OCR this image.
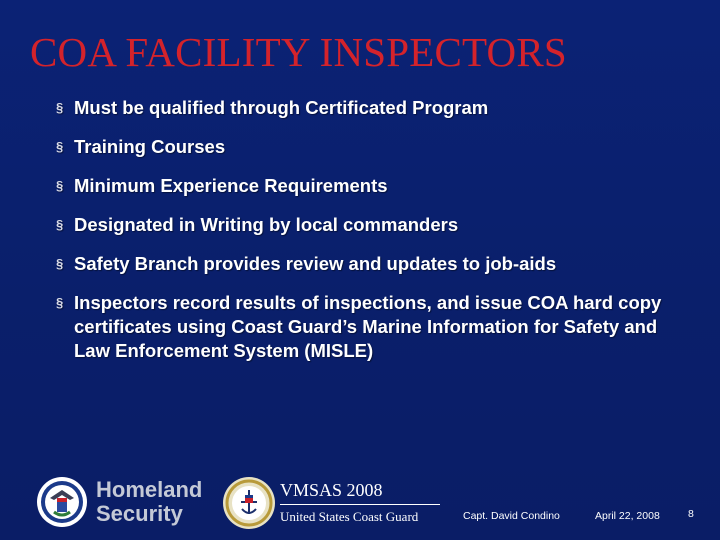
COA FACILITY INSPECTORS
§ Must be qualified through Certificated Program
§ Training Courses
§ Minimum Experience Requirements
§ Designated in Writing by local commanders
§ Safety Branch provides review and updates to job-aids
§ Inspectors record results of inspections, and issue COA hard copy certificates using Coast Guard’s Marine Information for Safety and Law Enforcement System (MISLE)
Homeland
Security
VMSAS 2008
United States Coast Guard	Capt. David Condino	April 22, 2008	8
